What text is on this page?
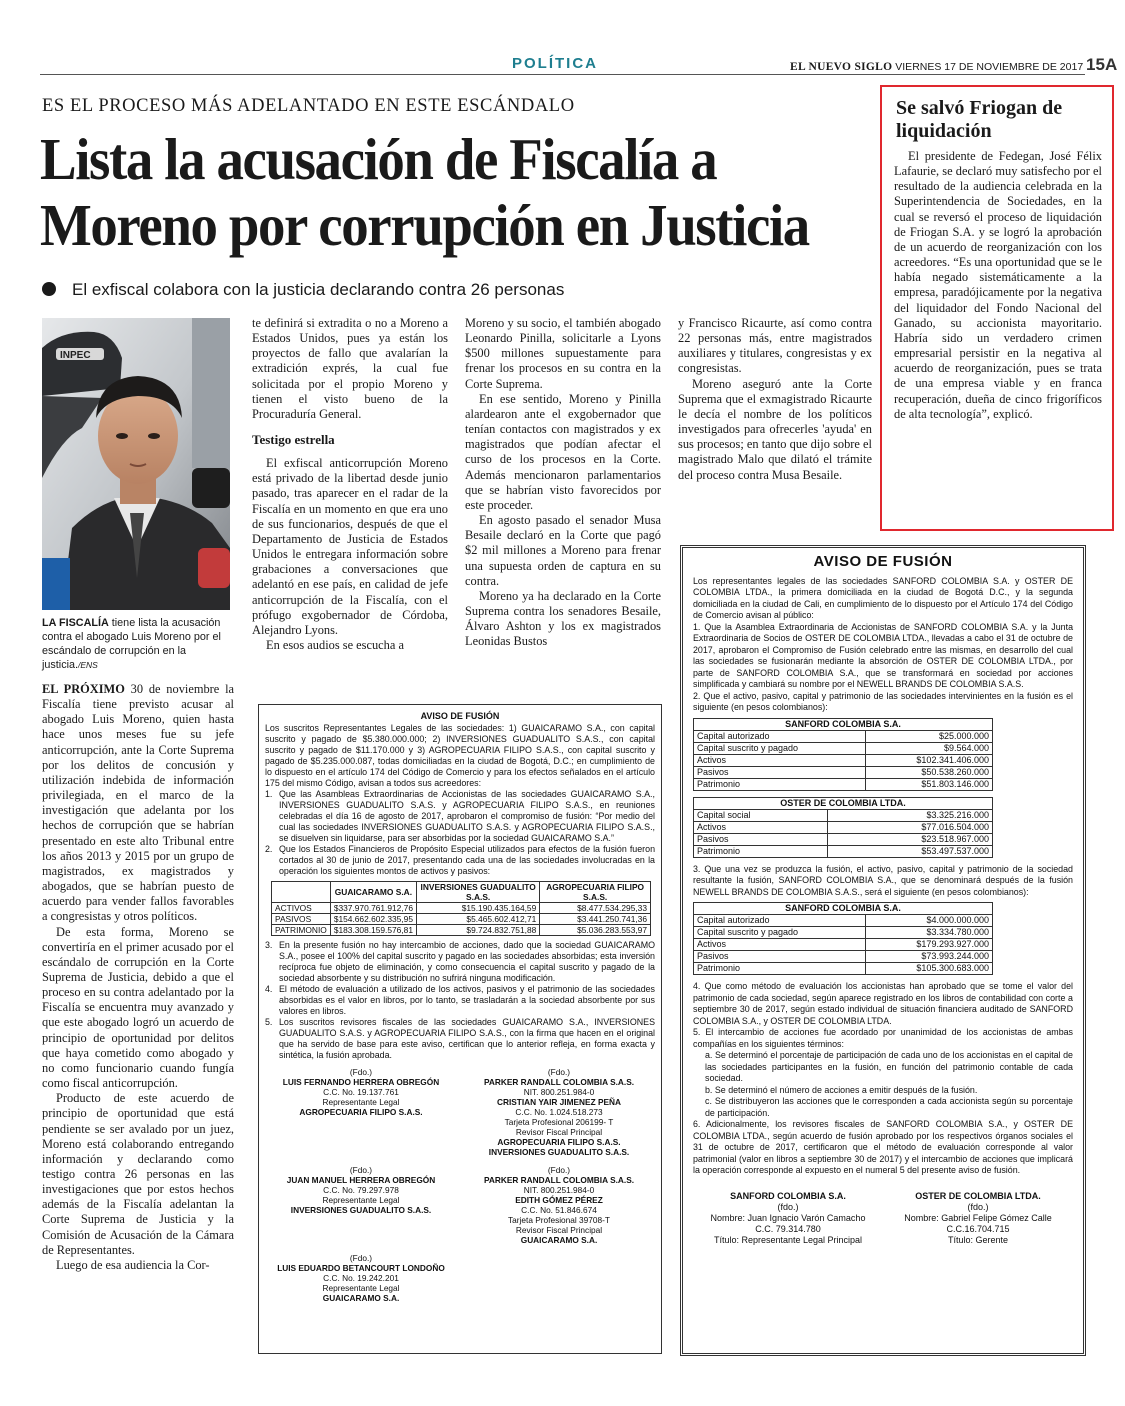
POLÍTICA	EL NUEVO SIGLO VIERNES 17 DE NOVIEMBRE DE 2017 15A
ES EL PROCESO MÁS ADELANTADO EN ESTE ESCÁNDALO
Lista la acusación de Fiscalía a Moreno por corrupción en Justicia
El exfiscal colabora con la justicia declarando contra 26 personas
INPEC
LA FISCALÍA tiene lista la acusación contra el abogado Luis Moreno por el escándalo de corrupción en la justicia./ENS

EL PRÓXIMO 30 de noviembre la Fiscalía tiene previsto acusar al abogado Luis Moreno, quien hasta hace unos meses fue su jefe anticorrupción, ante la Corte Suprema por los delitos de concusión y utilización indebida de información privilegiada, en el marco de la investigación que adelanta por los hechos de corrupción que se habrían presentado en este alto Tribunal entre los años 2013 y 2015 por un grupo de magistrados, ex magistrados y abogados, que se habrían puesto de acuerdo para vender fallos favorables a congresistas y otros políticos.

De esta forma, Moreno se convertiría en el primer acusado por el escándalo de corrupción en la Corte Suprema de Justicia, debido a que el proceso en su contra adelantado por la Fiscalía se encuentra muy avanzado y que este abogado logró un acuerdo de principio de oportunidad por delitos que haya cometido como abogado y no como funcionario cuando fungía como fiscal anticorrupción.

Producto de este acuerdo de principio de oportunidad que está pendiente se ser avalado por un juez, Moreno está colaborando entregando información y declarando como testigo contra 26 personas en las investigaciones que por estos hechos además de la Fiscalía adelantan la Corte Suprema de Justicia y la Comisión de Acusación de la Cámara de Representantes.

Luego de esa audiencia la Cor-

te definirá si extradita o no a Moreno a Estados Unidos, pues ya están los proyectos de fallo que avalarían la extradición exprés, la cual fue solicitada por el propio Moreno y tienen el visto bueno de la Procuraduría General.

Testigo estrella

El exfiscal anticorrupción Moreno está privado de la libertad desde junio pasado, tras aparecer en el radar de la Fiscalía en un momento en que era uno de sus funcionarios, después de que el Departamento de Justicia de Estados Unidos le entregara información sobre grabaciones a conversaciones que adelantó en ese país, en calidad de jefe anticorrupción de la Fiscalía, con el prófugo exgobernador de Córdoba, Alejandro Lyons.

En esos audios se escucha a

Moreno y su socio, el también abogado Leonardo Pinilla, solicitarle a Lyons $500 millones supuestamente para frenar los procesos en su contra en la Corte Suprema.

En ese sentido, Moreno y Pinilla alardearon ante el exgobernador que tenían contactos con magistrados y ex magistrados que podían afectar el curso de los procesos en la Corte. Además mencionaron parlamentarios que se habrían visto favorecidos por este proceder.

En agosto pasado el senador Musa Besaile declaró en la Corte que pagó $2 mil millones a Moreno para frenar una supuesta orden de captura en su contra.

Moreno ya ha declarado en la Corte Suprema contra los senadores Besaile, Álvaro Ashton y los ex magistrados Leonidas Bustos

y Francisco Ricaurte, así como contra 22 personas más, entre magistrados auxiliares y titulares, congresistas y ex congresistas.

Moreno aseguró ante la Corte Suprema que el exmagistrado Ricaurte le decía el nombre de los políticos investigados para ofrecerles 'ayuda' en sus procesos; en tanto que dijo sobre el magistrado Malo que dilató el trámite del proceso contra Musa Besaile.

Se salvó Friogan de liquidación

El presidente de Fedegan, José Félix Lafaurie, se declaró muy satisfecho por el resultado de la audiencia celebrada en la Superintendencia de Sociedades, en la cual se reversó el proceso de liquidación de Friogan S.A. y se logró la aprobación de un acuerdo de reorganización con los acreedores. “Es una oportunidad que se le había negado sistemáticamente a la empresa, paradójicamente por la negativa del liquidador del Fondo Nacional del Ganado, su accionista mayoritario. Habría sido un verdadero crimen empresarial persistir en la negativa al acuerdo de reorganización, pues se trata de una empresa viable y en franca recuperación, dueña de cinco frigoríficos de alta tecnología”, explicó.

AVISO DE FUSIÓN

Los suscritos Representantes Legales de las sociedades: 1) GUAICARAMO S.A., con capital suscrito y pagado de $5.380.000.000; 2) INVERSIONES GUADUALITO S.A.S., con capital suscrito y pagado de $11.170.000 y 3) AGROPECUARIA FILIPO S.A.S., con capital suscrito y pagado de $5.235.000.087, todas domiciliadas en la ciudad de Bogotá, D.C.; en cumplimiento de lo dispuesto en el artículo 174 del Código de Comercio y para los efectos señalados en el artículo 175 del mismo Código, avisan a todos sus acreedores:

1. Que las Asambleas Extraordinarias de Accionistas de las sociedades GUAICARAMO S.A., INVERSIONES GUADUALITO S.A.S. y AGROPECUARIA FILIPO S.A.S., en reuniones celebradas el día 16 de agosto de 2017, aprobaron el compromiso de fusión: “Por medio del cual las sociedades INVERSIONES GUADUALITO S.A.S. y AGROPECUARIA FILIPO S.A.S., se disuelven sin liquidarse, para ser absorbidas por la sociedad GUAICARAMO S.A.”
2. Que los Estados Financieros de Propósito Especial utilizados para efectos de la fusión fueron cortados al 30 de junio de 2017, presentando cada una de las sociedades involucradas en la operación los siguientes montos de activos y pasivos:
	GUAICARAMO S.A.	INVERSIONES GUADUALITO S.A.S.	AGROPECUARIA FILIPO S.A.S.
ACTIVOS	$337.970.761.912,76	$15.190.435.164,59	$8.477.534.295,33
PASIVOS	$154.662.602.335,95	$5.465.602.412,71	$3.441.250.741,36
PATRIMONIO	$183.308.159.576,81	$9.724.832.751,88	$5.036.283.553,97
3. En la presente fusión no hay intercambio de acciones, dado que la sociedad GUAICARAMO S.A., posee el 100% del capital suscrito y pagado en las sociedades absorbidas; esta inversión recíproca fue objeto de eliminación, y como consecuencia el capital suscrito y pagado de la sociedad absorbente y su distribución no sufrirá ninguna modificación.
4. El método de evaluación a utilizado de los activos, pasivos y el patrimonio de las sociedades absorbidas es el valor en libros, por lo tanto, se trasladarán a la sociedad absorbente por sus valores en libros.
5. Los suscritos revisores fiscales de las sociedades GUAICARAMO S.A., INVERSIONES GUADUALITO S.A.S. y AGROPECUARIA FILIPO S.A.S., con la firma que hacen en el original que ha servido de base para este aviso, certifican que lo anterior refleja, en forma exacta y sintética, la fusión aprobada.
(Fdo.)
LUIS FERNANDO HERRERA OBREGÓN
C.C. No. 19.137.761
Representante Legal
AGROPECUARIA FILIPO S.A.S.
(Fdo.)
PARKER RANDALL COLOMBIA S.A.S.
NIT. 800.251.984-0
CRISTIAN YAIR JIMENEZ PEÑA
C.C. No. 1.024.518.273
Tarjeta Profesional 206199- T
Revisor Fiscal Principal
AGROPECUARIA FILIPO S.A.S.
INVERSIONES GUADUALITO S.A.S.
(Fdo.)
JUAN MANUEL HERRERA OBREGÓN
C.C. No. 79.297.978
Representante Legal
INVERSIONES GUADUALITO S.A.S.
(Fdo.)
PARKER RANDALL COLOMBIA S.A.S.
NIT. 800.251.984-0
EDITH GÓMEZ PÉREZ
C.C. No. 51.846.674
Tarjeta Profesional 39708-T
Revisor Fiscal Principal
GUAICARAMO S.A.
(Fdo.)
LUIS EDUARDO BETANCOURT LONDOÑO
C.C. No. 19.242.201
Representante Legal
GUAICARAMO S.A.
AVISO DE FUSIÓN

Los representantes legales de las sociedades SANFORD COLOMBIA S.A. y OSTER DE COLOMBIA LTDA., la primera domiciliada en la ciudad de Bogotá D.C., y la segunda domiciliada en la ciudad de Cali, en cumplimiento de lo dispuesto por el Artículo 174 del Código de Comercio avisan al público:

1. Que la Asamblea Extraordinaria de Accionistas de SANFORD COLOMBIA S.A. y la Junta Extraordinaria de Socios de OSTER DE COLOMBIA LTDA., llevadas a cabo el 31 de octubre de 2017, aprobaron el Compromiso de Fusión celebrado entre las mismas, en desarrollo del cual las sociedades se fusionarán mediante la absorción de OSTER DE COLOMBIA LTDA., por parte de SANFORD COLOMBIA S.A., que se transformará en sociedad por acciones simplificada y cambiará su nombre por el NEWELL BRANDS DE COLOMBIA S.A.S.

2. Que el activo, pasivo, capital y patrimonio de las sociedades intervinientes en la fusión es el siguiente (en pesos colombianos):

SANFORD COLOMBIA S.A.	
Capital autorizado	$25.000.000
Capital suscrito y pagado	$9.564.000
Activos	$102.341.406.000
Pasivos	$50.538.260.000
Patrimonio	$51.803.146.000
OSTER DE COLOMBIA LTDA.	
Capital social	$3.325.216.000
Activos	$77.016.504.000
Pasivos	$23.518.967.000
Patrimonio	$53.497.537.000

3. Que una vez se produzca la fusión, el activo, pasivo, capital y patrimonio de la sociedad resultante la fusión, SANFORD COLOMBIA S.A., que se denominará después de la fusión NEWELL BRANDS DE COLOMBIA S.A.S., será el siguiente (en pesos colombianos):

SANFORD COLOMBIA S.A.	
Capital autorizado	$4.000.000.000
Capital suscrito y pagado	$3.334.780.000
Activos	$179.293.927.000
Pasivos	$73.993.244.000
Patrimonio	$105.300.683.000

4. Que como método de evaluación los accionistas han aprobado que se tome el valor del patrimonio de cada sociedad, según aparece registrado en los libros de contabilidad con corte a septiembre 30 de 2017, según estado individual de situación financiera auditado de SANFORD COLOMBIA S.A., y OSTER DE COLOMBIA LTDA.

5. El intercambio de acciones fue acordado por unanimidad de los accionistas de ambas compañías en los siguientes términos:

a. Se determinó el porcentaje de participación de cada uno de los accionistas en el capital de las sociedades participantes en la fusión, en función del patrimonio contable de cada sociedad.

b. Se determinó el número de acciones a emitir después de la fusión.

c. Se distribuyeron las acciones que le corresponden a cada accionista según su porcentaje de participación.

6. Adicionalmente, los revisores fiscales de SANFORD COLOMBIA S.A., y OSTER DE COLOMBIA LTDA., según acuerdo de fusión aprobado por los respectivos órganos sociales el 31 de octubre de 2017, certificaron que el método de evaluación corresponde al valor patrimonial (valor en libros a septiembre 30 de 2017) y el intercambio de acciones que implicará la operación corresponde al expuesto en el numeral 5 del presente aviso de fusión.

SANFORD COLOMBIA S.A.
(fdo.)
Nombre: Juan Ignacio Varón Camacho
C.C. 79.314.780
Título: Representante Legal Principal
OSTER DE COLOMBIA LTDA.
(fdo.)
Nombre: Gabriel Felipe Gómez Calle
C.C.16.704.715
Título: Gerente
